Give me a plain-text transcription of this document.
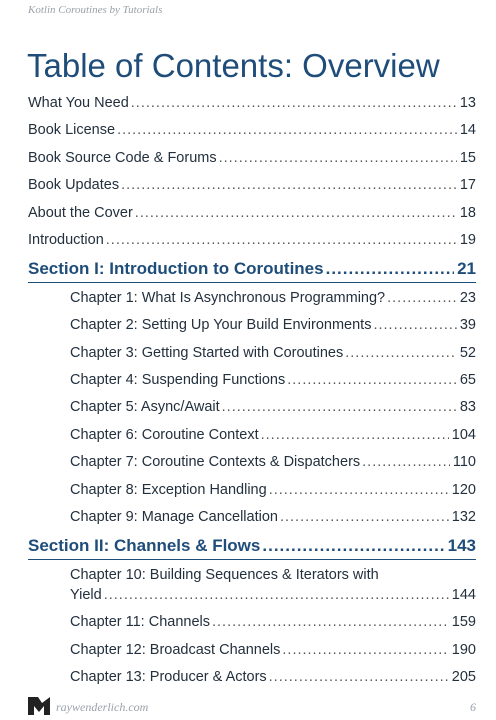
Kotlin Coroutines by Tutorials
Table of Contents: Overview
What You Need .....	13
Book License .....	14
Book Source Code & Forums .....	15
Book Updates .....	17
About the Cover .....	18
Introduction .....	19
Section I: Introduction to Coroutines .....	21
Chapter 1: What Is Asynchronous Programming? .....	23
Chapter 2: Setting Up Your Build Environments .....	39
Chapter 3: Getting Started with Coroutines .....	52
Chapter 4: Suspending Functions .....	65
Chapter 5: Async/Await .....	83
Chapter 6: Coroutine Context .....	104
Chapter 7: Coroutine Contexts & Dispatchers .....	110
Chapter 8: Exception Handling .....	120
Chapter 9: Manage Cancellation .....	132
Section II: Channels & Flows .....	143
Chapter 10: Building Sequences & Iterators with
Yield .....	144
Chapter 11: Channels .....	159
Chapter 12: Broadcast Channels .....	190
Chapter 13: Producer & Actors .....	205
raywenderlich.com	6
